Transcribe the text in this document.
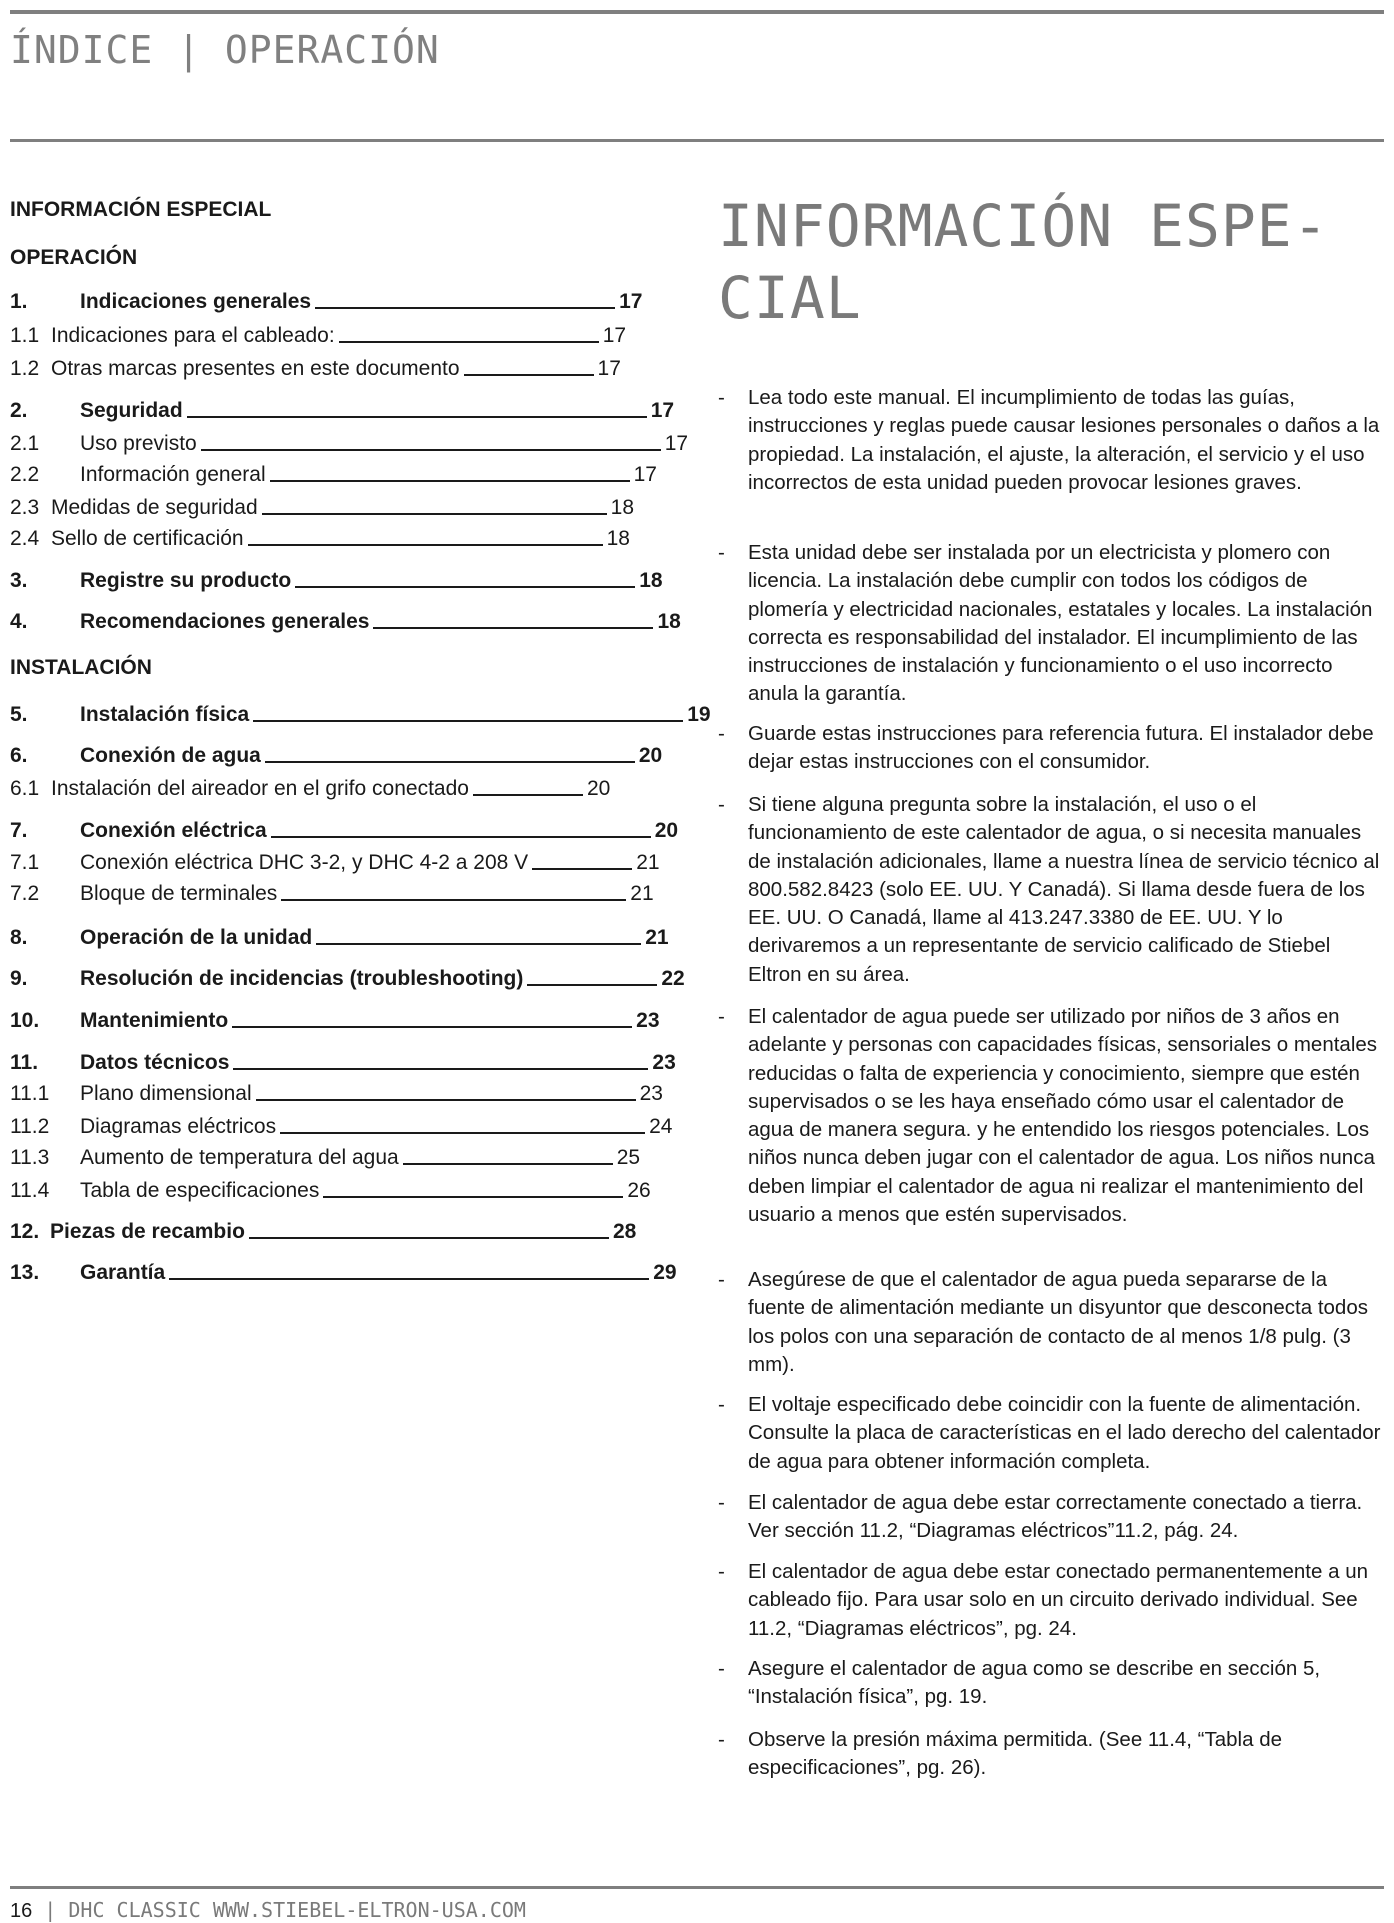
ÍNDICE | OPERACIÓN
INFORMACIÓN ESPECIAL
OPERACIÓN
1.	Indicaciones generales	17
1.1 Indicaciones para el cableado:	17
1.2 Otras marcas presentes en este documento	17
2.	Seguridad	17
2.1	Uso previsto	17
2.2	Información general	17
2.3 Medidas de seguridad	18
2.4 Sello de certificación	18
3.	Registre su producto	18
4.	Recomendaciones generales	18
INSTALACIÓN
5.	Instalación física	19
6.	Conexión de agua	20
6.1 Instalación del aireador en el grifo conectado	20
7.	Conexión eléctrica	20
7.1	Conexión eléctrica DHC 3-2, y DHC 4-2 a 208 V	21
7.2	Bloque de terminales	21
8.	Operación de la unidad	21
9.	Resolución de incidencias (troubleshooting)	22
10.	Mantenimiento	23
11.	Datos técnicos	23
11.1	Plano dimensional	23
11.2	Diagramas eléctricos	24
11.3	Aumento de temperatura del agua	25
11.4	Tabla de especificaciones	26
12. Piezas de recambio	28
13.	Garantía	29
INFORMACIÓN ESPE-CIAL
- Lea todo este manual. El incumplimiento de todas las guías, instrucciones y reglas puede causar lesiones personales o daños a la propiedad. La instalación, el ajuste, la alteración, el servicio y el uso incorrectos de esta unidad pueden provocar lesiones graves.
- Esta unidad debe ser instalada por un electricista y plomero con licencia. La instalación debe cumplir con todos los códigos de plomería y electricidad nacionales, estatales y locales. La instalación correcta es responsabilidad del instalador. El incumplimiento de las instrucciones de instalación y funcionamiento o el uso incorrecto anula la garantía.
- Guarde estas instrucciones para referencia futura. El instalador debe dejar estas instrucciones con el consumidor.
- Si tiene alguna pregunta sobre la instalación, el uso o el funcionamiento de este calentador de agua, o si necesita manuales de instalación adicionales, llame a nuestra línea de servicio técnico al 800.582.8423 (solo EE. UU. Y Canadá). Si llama desde fuera de los EE. UU. O Canadá, llame al 413.247.3380 de EE. UU. Y lo derivaremos a un representante de servicio calificado de Stiebel Eltron en su área.
- El calentador de agua puede ser utilizado por niños de 3 años en adelante y personas con capacidades físicas, sensoriales o mentales reducidas o falta de experiencia y conocimiento, siempre que estén supervisados o se les haya enseñado cómo usar el calentador de agua de manera segura. y he entendido los riesgos potenciales. Los niños nunca deben jugar con el calentador de agua. Los niños nunca deben limpiar el calentador de agua ni realizar el mantenimiento del usuario a menos que estén supervisados.
- Asegúrese de que el calentador de agua pueda separarse de la fuente de alimentación mediante un disyuntor que desconecta todos los polos con una separación de contacto de al menos 1/8 pulg. (3 mm).
- El voltaje especificado debe coincidir con la fuente de alimentación. Consulte la placa de características en el lado derecho del calentador de agua para obtener información completa.
- El calentador de agua debe estar correctamente conectado a tierra. Ver sección 11.2, “Diagramas eléctricos”11.2, pág. 24.
- El calentador de agua debe estar conectado permanentemente a un cableado fijo. Para usar solo en un circuito derivado individual. See 11.2, “Diagramas eléctricos”, pg. 24.
- Asegure el calentador de agua como se describe en sección 5, “Instalación física”, pg. 19.
- Observe la presión máxima permitida. (See 11.4, “Tabla de especificaciones”, pg. 26).
16 | DHC CLASSIC WWW.STIEBEL-ELTRON-USA.COM
